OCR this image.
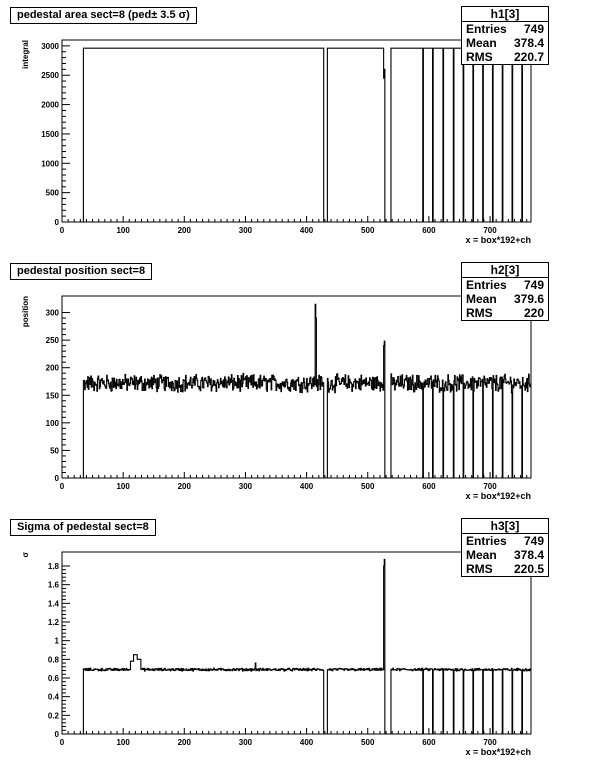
0
500
1000
1500
2000
2500
3000
0	100	200	300	400	500	600	700
x = box*192+ch
integral
pedestal area sect=8 (ped± 3.5 σ)	h1[3]
Entries 749
Mean 378.4
RMS 220.7
0
50
100
150
200
250
300
0	100	200	300	400	500	600	700
x = box*192+ch
position
pedestal position sect=8	h2[3]
Entries 749
Mean 379.6
RMS	220
0
0.2
0.4
0.6
0.8
1
1.2
1.4
1.6
1.8
0	100	200	300	400	500	600	700
x = box*192+ch
σ
Sigma of pedestal sect=8	h3[3]
Entries 749
Mean 378.4
RMS 220.5
